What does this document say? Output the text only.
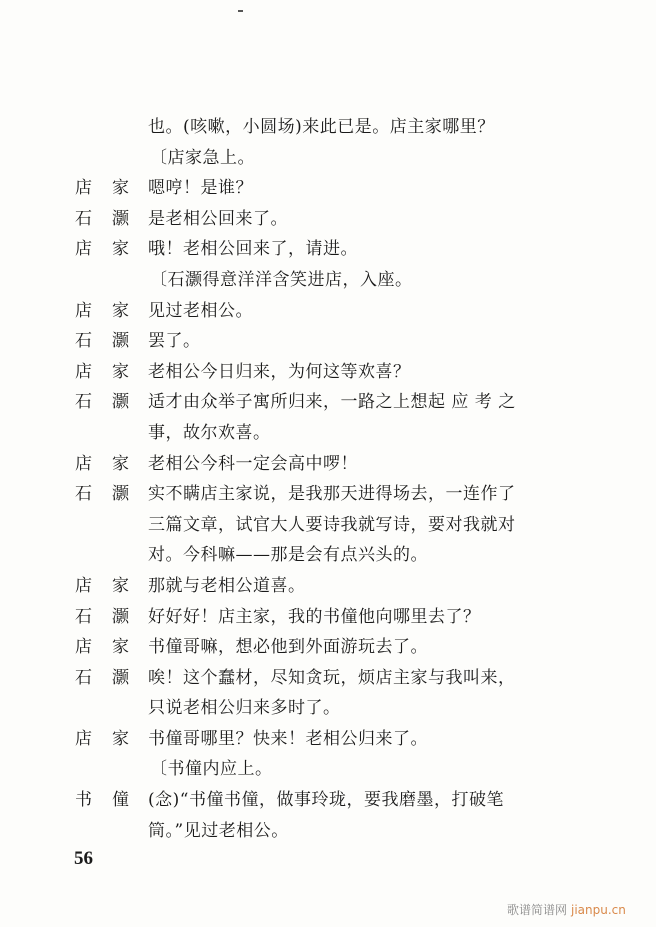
也。(咳嗽，小圆场)来此已是。店主家哪里？
〔店家急上。
店 家 嗯哼！是谁？
石 灏 是老相公回来了。
店 家 哦！老相公回来了，请进。
〔石灏得意洋洋含笑进店，入座。
店 家 见过老相公。
石 灏 罢了。
店 家 老相公今日归来，为何这等欢喜？
石 灏 适才由众举子寓所归来，一路之上想起 应 考 之
事，故尔欢喜。
店 家 老相公今科一定会高中啰！
石 灏 实不瞒店主家说，是我那天进得场去，一连作了
三篇文章，试官大人要诗我就写诗，要对我就对
对。今科嘛——那是会有点兴头的。
店 家 那就与老相公道喜。
石 灏 好好好！店主家，我的书僮他向哪里去了？
店 家 书僮哥嘛，想必他到外面游玩去了。
石 灏 唉！这个蠢材，尽知贪玩，烦店主家与我叫来，
只说老相公归来多时了。
店 家 书僮哥哪里？快来！老相公归来了。
〔书僮内应上。
书 僮 (念)“书僮书僮，做事玲珑，要我磨墨，打破笔
筒。”见过老相公。
56
歌谱简谱网 jianpu.cn
